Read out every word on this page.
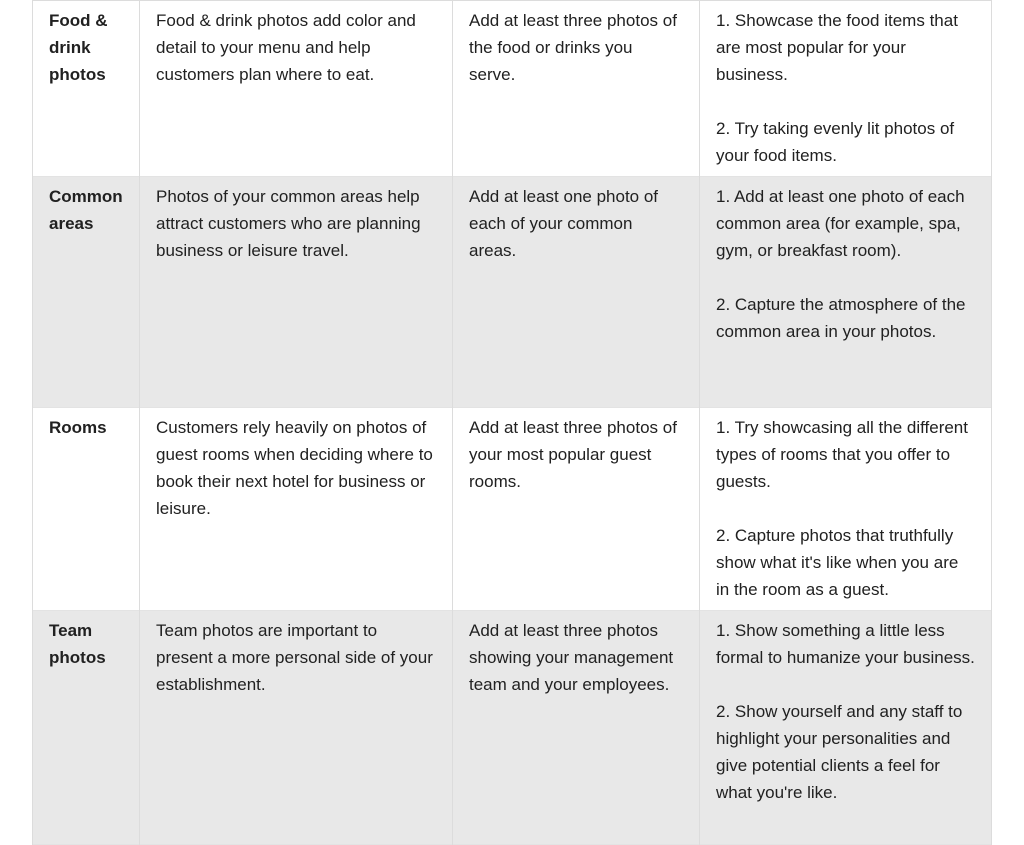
Food & drink photos	Food & drink photos add color and detail to your menu and help customers plan where to eat.	Add at least three photos of the food or drinks you serve.	1. Showcase the food items that are most popular for your business.
2. Try taking evenly lit photos of your food items.

Common areas	Photos of your common areas help attract customers who are planning business or leisure travel.	Add at least one photo of each of your common areas.	1. Add at least one photo of each common area (for example, spa, gym, or breakfast room).
2. Capture the atmosphere of the common area in your photos.

Rooms	Customers rely heavily on photos of guest rooms when deciding where to book their next hotel for business or leisure.	Add at least three photos of your most popular guest rooms.	1. Try showcasing all the different types of rooms that you offer to guests.
2. Capture photos that truthfully show what it's like when you are in the room as a guest.

Team photos	Team photos are important to present a more personal side of your establishment.	Add at least three photos showing your management team and your employees.	1. Show something a little less formal to humanize your business.
2. Show yourself and any staff to highlight your personalities and give potential clients a feel for what you're like.
